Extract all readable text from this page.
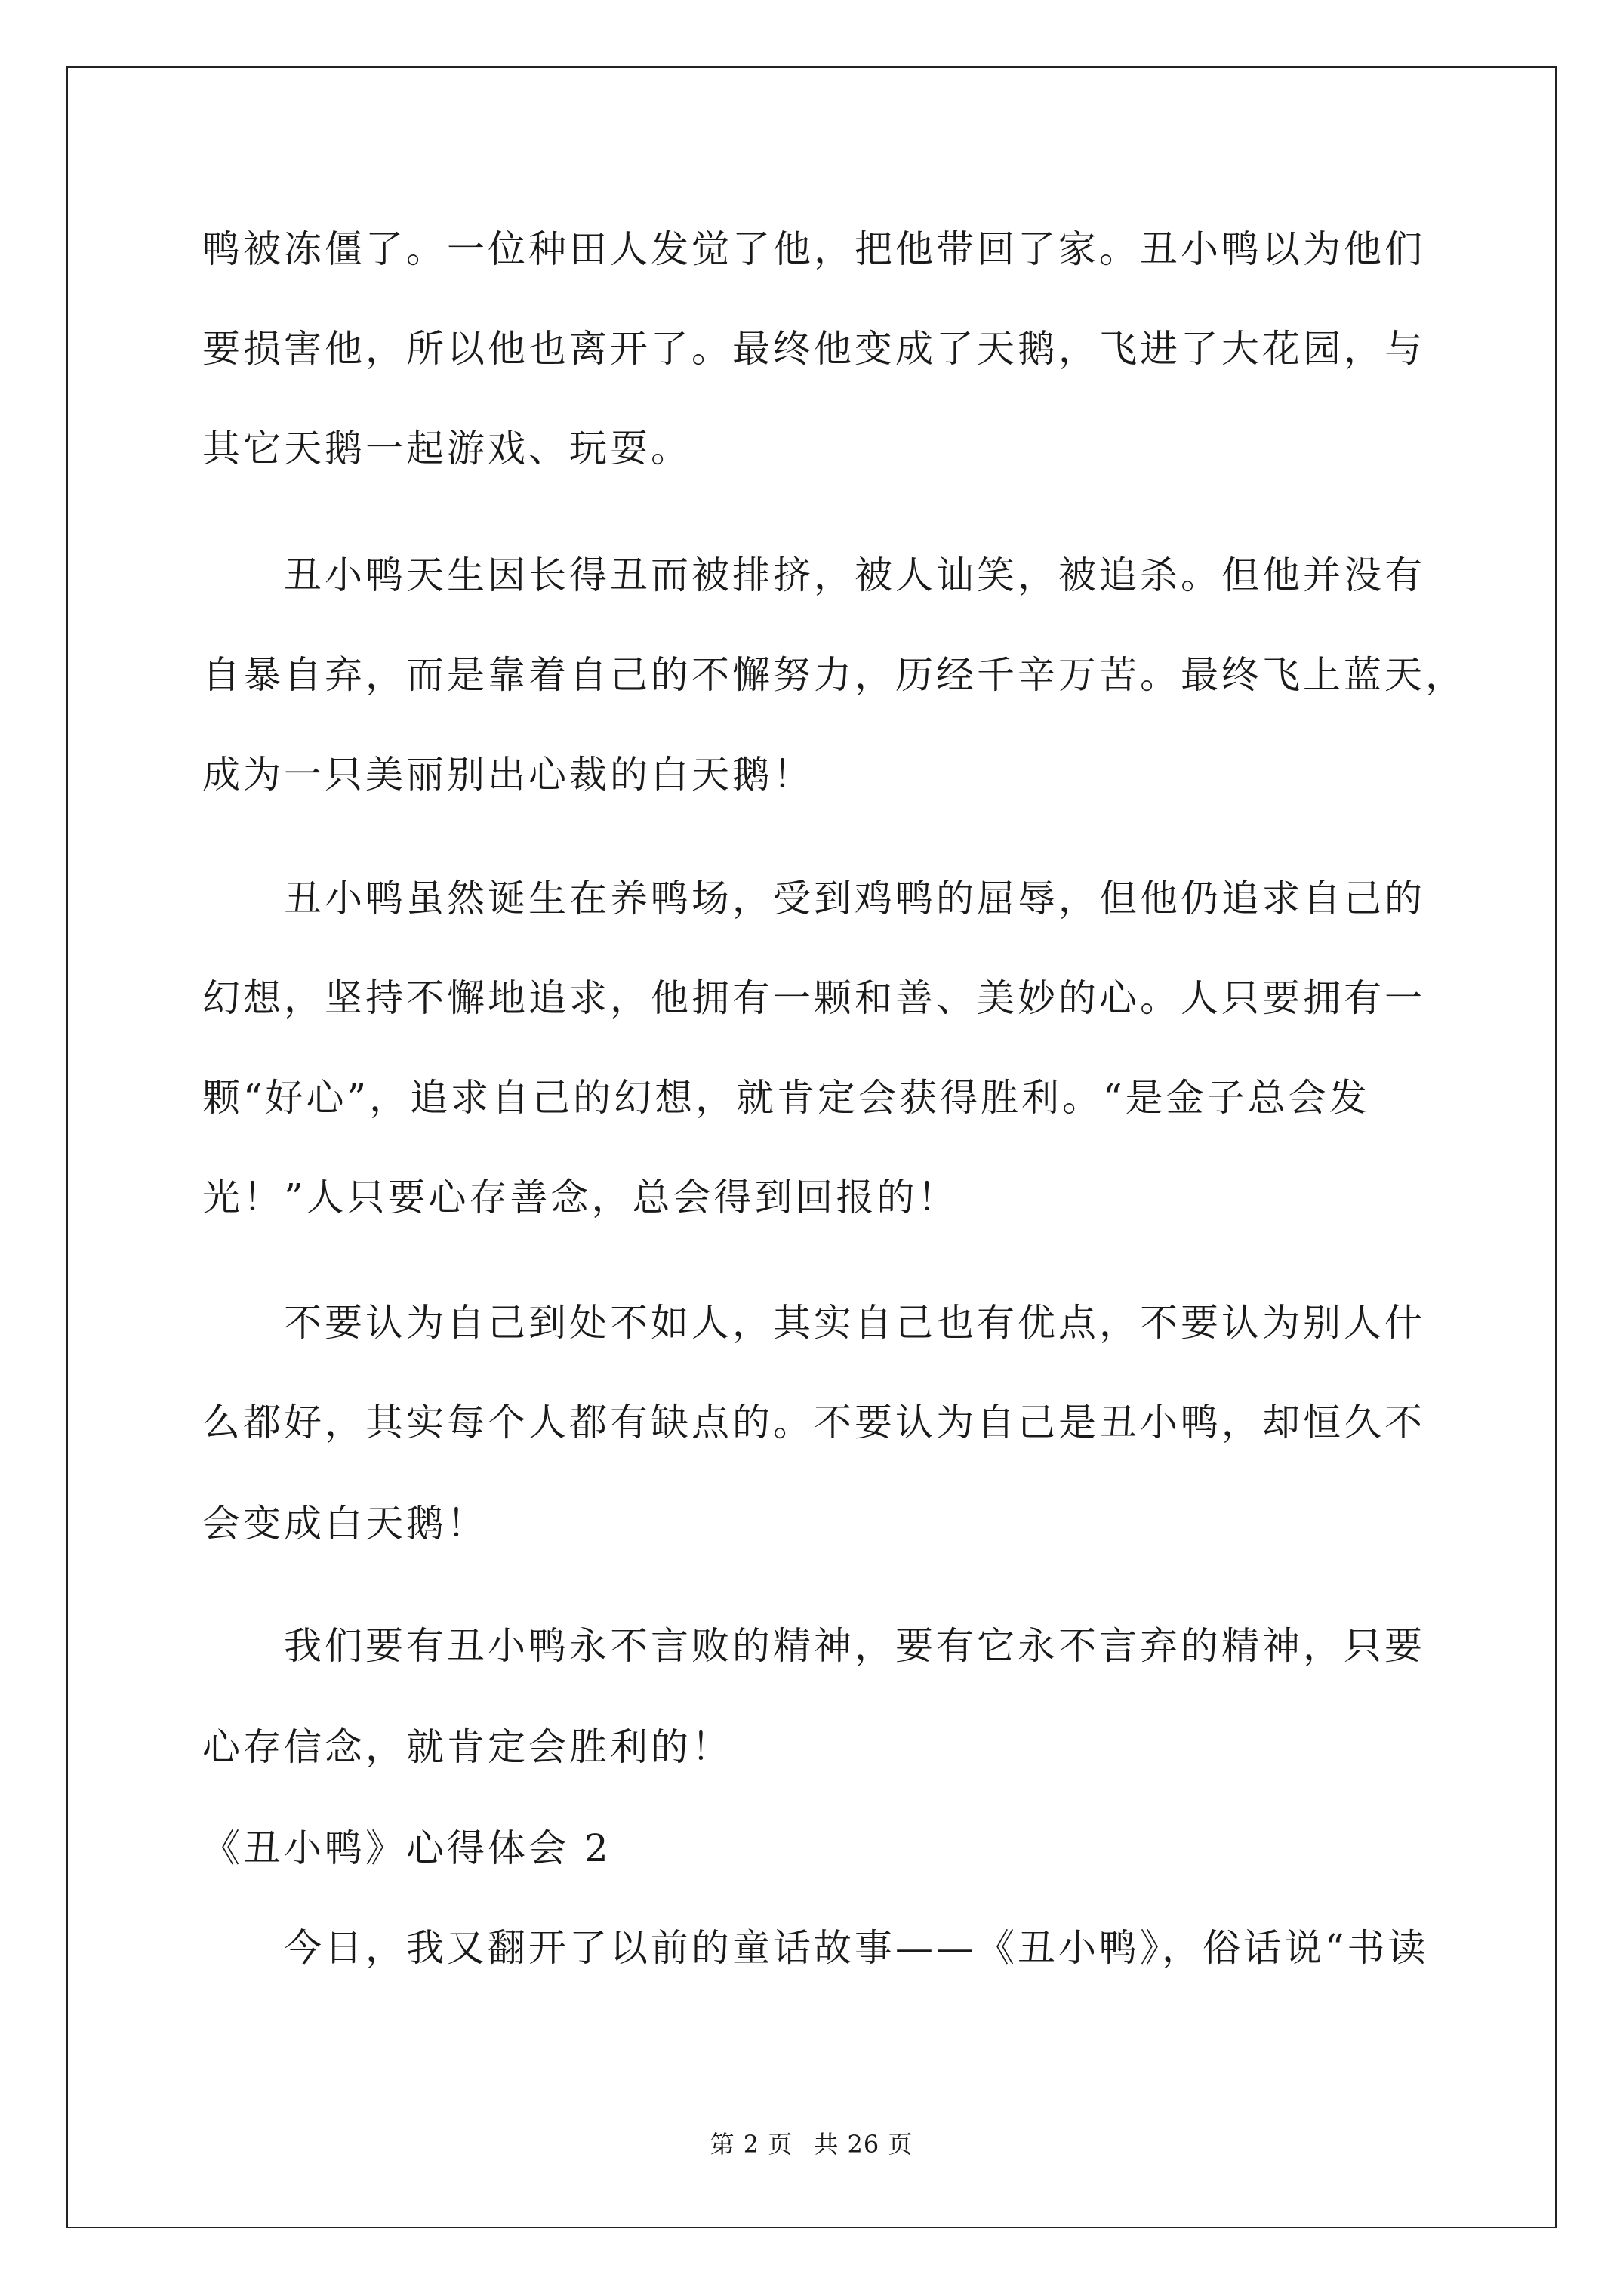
鸭被冻僵了。一位种田人发觉了他，把他带回了家。丑小鸭以为他们
要损害他，所以他也离开了。最终他变成了天鹅，飞进了大花园，与
其它天鹅一起游戏、玩耍。
丑小鸭天生因长得丑而被排挤，被人讪笑，被追杀。但他并没有
自暴自弃，而是靠着自己的不懈努力，历经千辛万苦。最终飞上蓝天，
成为一只美丽别出心裁的白天鹅！
丑小鸭虽然诞生在养鸭场，受到鸡鸭的屈辱，但他仍追求自己的
幻想，坚持不懈地追求，他拥有一颗和善、美妙的心。人只要拥有一
颗“好心”，追求自己的幻想，就肯定会获得胜利。“是金子总会发
光！”人只要心存善念，总会得到回报的！
不要认为自己到处不如人，其实自己也有优点，不要认为别人什
么都好，其实每个人都有缺点的。不要认为自己是丑小鸭，却恒久不
会变成白天鹅！
我们要有丑小鸭永不言败的精神，要有它永不言弃的精神，只要
心存信念，就肯定会胜利的！
《丑小鸭》心得体会 2
今日，我又翻开了以前的童话故事——《丑小鸭》，俗话说“书读
第 2 页 共 26 页
